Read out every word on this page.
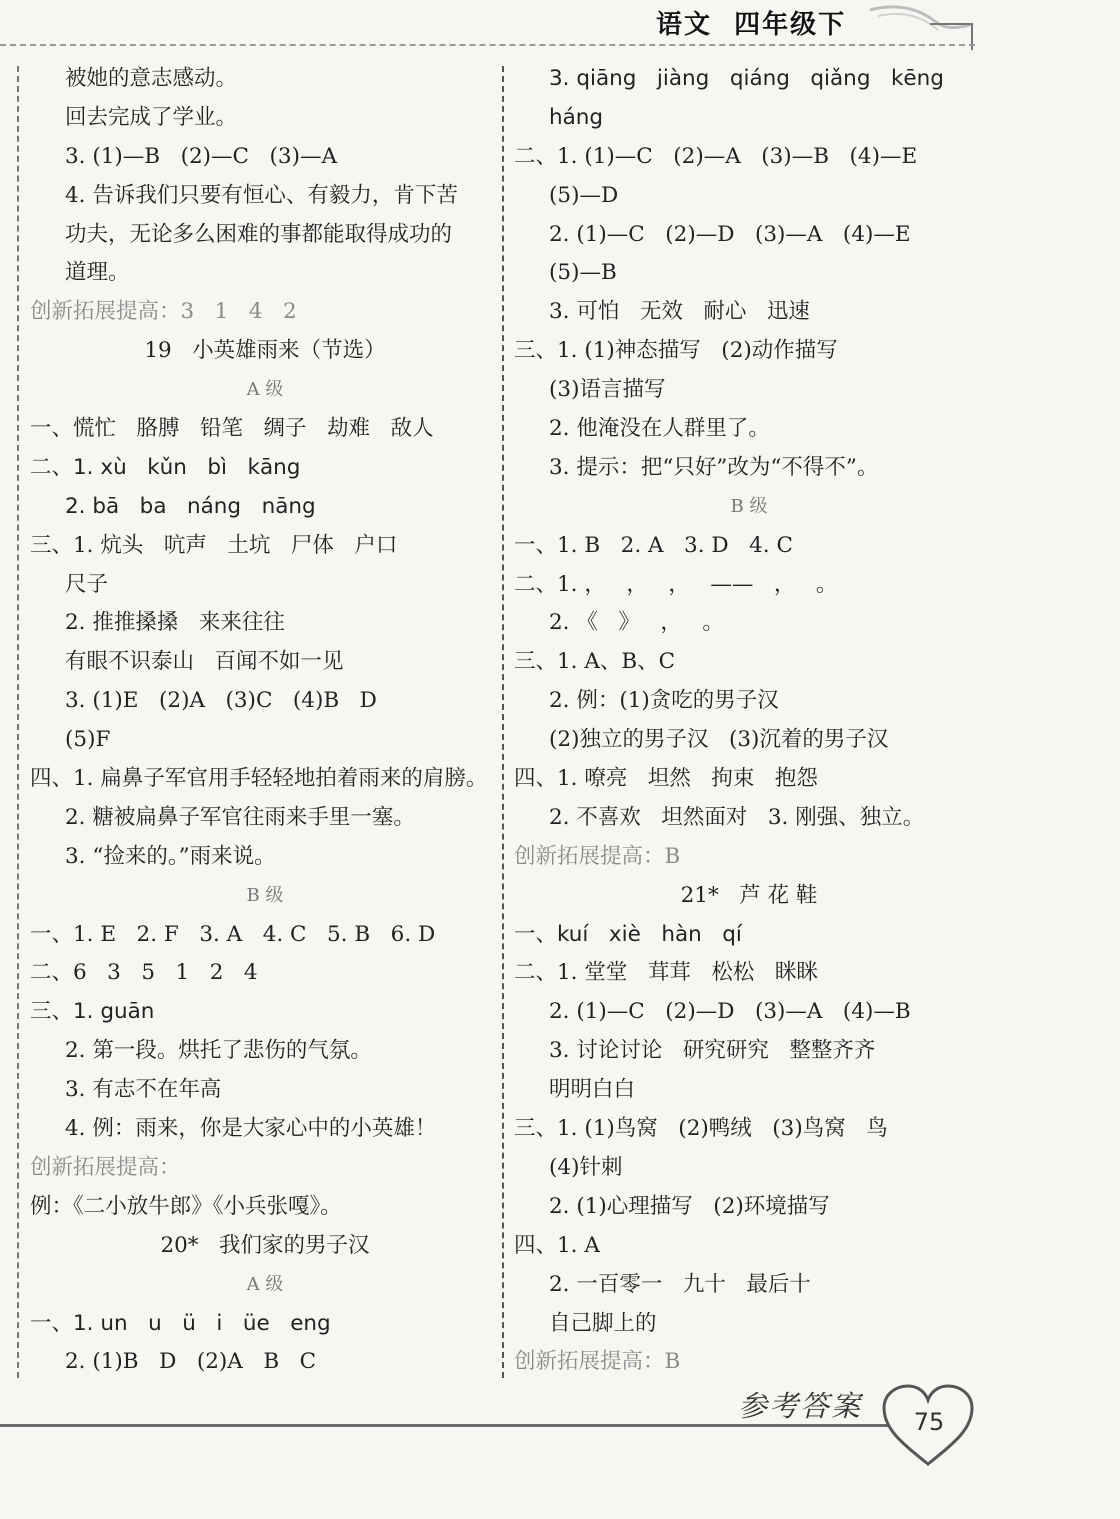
语文  四年级下
被她的意志感动。
回去完成了学业。
3. (1)—B   (2)—C   (3)—A
4. 告诉我们只要有恒心、有毅力，肯下苦
功夫，无论多么困难的事都能取得成功的
道理。
创新拓展提高：3   1   4   2
19   小英雄雨来（节选）
A 级
一、慌忙   胳膊   铅笔   绸子   劫难   敌人
二、1. xù   kǔn   bì   kāng
2. bā   ba   náng   nāng
三、1. 炕头   吭声   土坑   尸体   户口
尺子
2. 推推搡搡   来来往往
有眼不识泰山   百闻不如一见
3. (1)E   (2)A   (3)C   (4)B   D
(5)F
四、1. 扁鼻子军官用手轻轻地拍着雨来的肩膀。
2. 糖被扁鼻子军官往雨来手里一塞。
3. “捡来的。”雨来说。
B 级
一、1. E   2. F   3. A   4. C   5. B   6. D
二、6   3   5   1   2   4
三、1. guān
2. 第一段。烘托了悲伤的气氛。
3. 有志不在年高
4. 例：雨来，你是大家心中的小英雄！
创新拓展提高：
例：《二小放牛郎》《小兵张嘎》。
20*   我们家的男子汉
A 级
一、1. un   u   ü   i   üe   eng
2. (1)B   D   (2)A   B   C
3. qiāng   jiàng   qiáng   qiǎng   kēng
háng
二、1. (1)—C   (2)—A   (3)—B   (4)—E
(5)—D
2. (1)—C   (2)—D   (3)—A   (4)—E
(5)—B
3. 可怕   无效   耐心   迅速
三、1. (1)神态描写   (2)动作描写
(3)语言描写
2. 他淹没在人群里了。
3. 提示：把“只好”改为“不得不”。
B 级
一、1. B   2. A   3. D   4. C
二、1. ，   ，   ，   ——   ，   。
2. 《   》   ，   。
三、1. A、B、C
2. 例：(1)贪吃的男子汉
(2)独立的男子汉   (3)沉着的男子汉
四、1. 嘹亮   坦然   拘束   抱怨
2. 不喜欢   坦然面对   3. 刚强、独立。
创新拓展提高：B
21*   芦 花 鞋
一、kuí   xiè   hàn   qí
二、1. 堂堂   茸茸   松松   眯眯
2. (1)—C   (2)—D   (3)—A   (4)—B
3. 讨论讨论   研究研究   整整齐齐
明明白白
三、1. (1)鸟窝   (2)鸭绒   (3)鸟窝   鸟
(4)针刺
2. (1)心理描写   (2)环境描写
四、1. A
2. 一百零一   九十   最后十
自己脚上的
创新拓展提高：B
参考答案	75
